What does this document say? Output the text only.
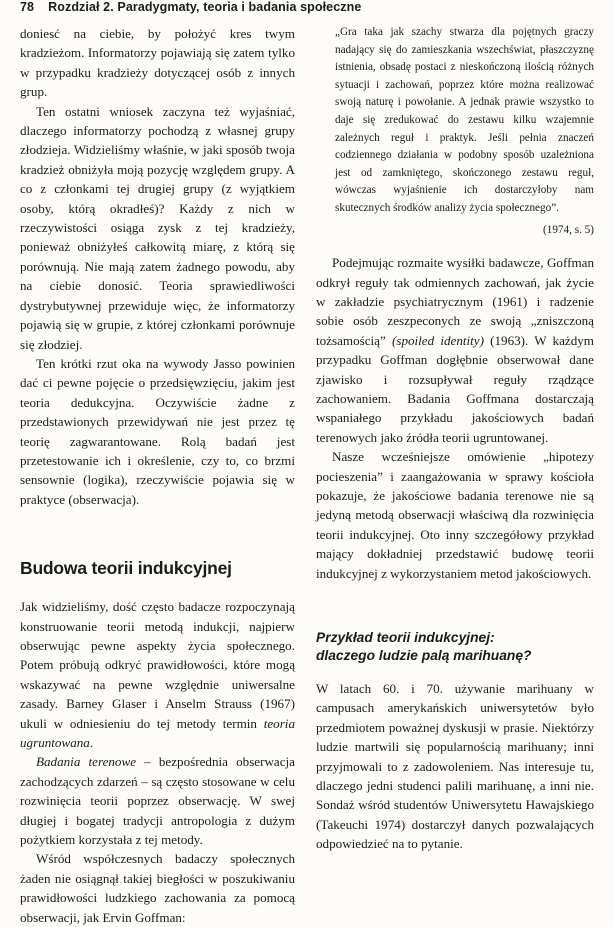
78 Rozdział 2. Paradygmaty, teoria i badania społeczne

doniesć na ciebie, by położyć kres twym kradzieżom. Informatorzy pojawiają się zatem tylko w przypadku kradzieży dotyczącej osób z innych grup.

Ten ostatni wniosek zaczyna też wyjaśniać, dlaczego informatorzy pochodzą z własnej grupy złodzieja. Widzieliśmy właśnie, w jaki sposób twoja kradzież obniżyła moją pozycję względem grupy. A co z członkami tej drugiej grupy (z wyjątkiem osoby, którą okradłeś)? Każdy z nich w rzeczywistości osiąga zysk z tej kradzieży, ponieważ obniżyłeś całkowitą miarę, z którą się porównują. Nie mają zatem żadnego powodu, aby na ciebie donosić. Teoria sprawiedliwości dystrybutywnej przewiduje więc, że informatorzy pojawią się w grupie, z której członkami porównuje się złodziej.

Ten krótki rzut oka na wywody Jasso powinien dać ci pewne pojęcie o przedsięwzięciu, jakim jest teoria dedukcyjna. Oczywiście żadne z przedstawionych przewidywań nie jest przez tę teorię zagwarantowane. Rolą badań jest przetestowanie ich i określenie, czy to, co brzmi sensownie (logika), rzeczywiście pojawia się w praktyce (obserwacja).

Budowa teorii indukcyjnej

Jak widzieliśmy, dość często badacze rozpoczynają konstruowanie teorii metodą indukcji, najpierw obserwując pewne aspekty życia społecznego. Potem próbują odkryć prawidłowości, które mogą wskazywać na pewne względnie uniwersalne zasady. Barney Glaser i Anselm Strauss (1967) ukuli w odniesieniu do tej metody termin teoria ugruntowana.

Badania terenowe – bezpośrednia obserwacja zachodzących zdarzeń – są często stosowane w celu rozwinięcia teorii poprzez obserwację. W swej długiej i bogatej tradycji antropologia z dużym pożytkiem korzystała z tej metody.

Wśród współczesnych badaczy społecznych żaden nie osiągnął takiej biegłości w poszukiwaniu prawidłowości ludzkiego zachowania za pomocą obserwacji, jak Ervin Goffman:

„Gra taka jak szachy stwarza dla pojętnych graczy nadający się do zamieszkania wszechświat, płaszczyznę istnienia, obsadę postaci z nieskończoną ilością różnych sytuacji i zachowań, poprzez które można realizować swoją naturę i powołanie. A jednak prawie wszystko to daje się zredukować do zestawu kilku wzajemnie zależnych reguł i praktyk. Jeśli pełnia znaczeń codziennego działania w podobny sposób uzależniona jest od zamkniętego, skończonego zestawu reguł, wówczas wyjaśnienie ich dostarczyłoby nam skutecznych środków analizy życia społecznego”.

(1974, s. 5)

Podejmując rozmaite wysiłki badawcze, Goffman odkrył reguły tak odmiennych zachowań, jak życie w zakładzie psychiatrycznym (1961) i radzenie sobie osób zeszpeconych ze swoją „zniszczoną tożsamością” (spoiled identity) (1963). W każdym przypadku Goffman dogłębnie obserwował dane zjawisko i rozsupływał reguły rządzące zachowaniem. Badania Goffmana dostarczają wspaniałego przykładu jakościowych badań terenowych jako źródła teorii ugruntowanej.

Nasze wcześniejsze omówienie „hipotezy pocieszenia” i zaangażowania w sprawy kościoła pokazuje, że jakościowe badania terenowe nie są jedyną metodą obserwacji właściwą dla rozwinięcia teorii indukcyjnej. Oto inny szczegółowy przykład mający dokładniej przedstawić budowę teorii indukcyjnej z wykorzystaniem metod jakościowych.

Przykład teorii indukcyjnej:
dlaczego ludzie palą marihuanę?

W latach 60. i 70. używanie marihuany w campusach amerykańskich uniwersytetów było przedmiotem poważnej dyskusji w prasie. Niektórzy ludzie martwili się popularnością marihuany; inni przyjmowali to z zadowoleniem. Nas interesuje tu, dlaczego jedni studenci palili marihuanę, a inni nie. Sondaż wśród studentów Uniwersytetu Hawajskiego (Takeuchi 1974) dostarczył danych pozwalających odpowiedzieć na to pytanie.
